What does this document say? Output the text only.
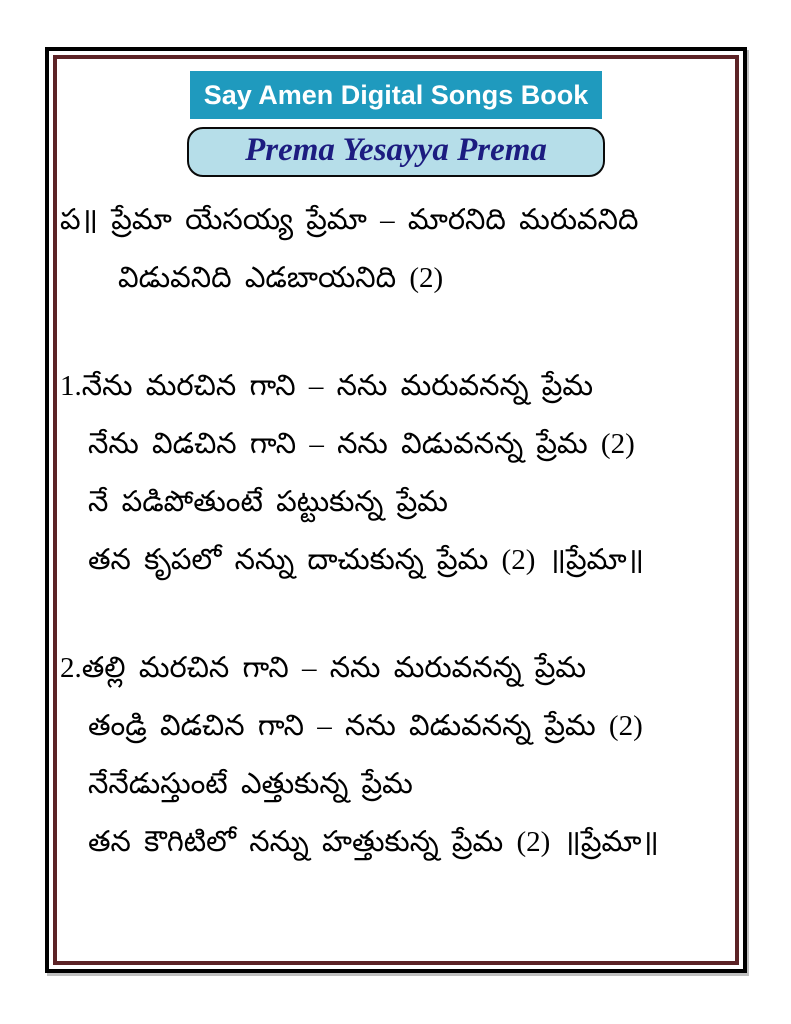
Say Amen Digital Songs Book
Prema Yesayya Prema
ప॥ ప్రేమా యేసయ్య ప్రేమా – మారనిది మరువనిది
విడువనిది ఎడబాయనిది (2)
1.నేను మరచిన గాని – నను మరువనన్న ప్రేమ
నేను విడచిన గాని – నను విడువనన్న ప్రేమ (2)
నే పడిపోతుంటే పట్టుకున్న ప్రేమ
తన కృపలో నన్ను దాచుకున్న ప్రేమ (2) ॥ప్రేమా॥
2.తల్లి మరచిన గాని – నను మరువనన్న ప్రేమ
తండ్రి విడచిన గాని – నను విడువనన్న ప్రేమ (2)
నేనేడుస్తుంటే ఎత్తుకున్న ప్రేమ
తన కౌగిటిలో నన్ను హత్తుకున్న ప్రేమ (2) ॥ప్రేమా॥
